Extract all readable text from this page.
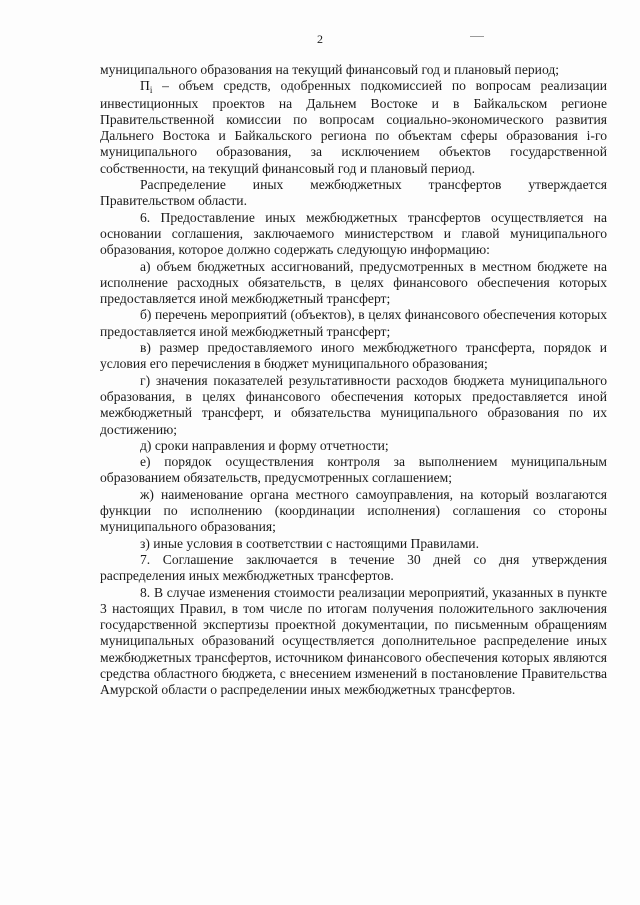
2

муниципального образования на текущий финансовый год и плановый период;

$П_i$ – объем средств, одобренных подкомиссией по вопросам реализации инвестиционных проектов на Дальнем Востоке и в Байкальском регионе Правительственной комиссии по вопросам социально-экономического развития Дальнего Востока и Байкальского региона по объектам сферы образования i-го муниципального образования, за исключением объектов государственной собственности, на текущий финансовый год и плановый период.

Распределение иных межбюджетных трансфертов утверждается Правительством области.

6. Предоставление иных межбюджетных трансфертов осуществляется на основании соглашения, заключаемого министерством и главой муниципального образования, которое должно содержать следующую информацию:

а) объем бюджетных ассигнований, предусмотренных в местном бюджете на исполнение расходных обязательств, в целях финансового обеспечения которых предоставляется иной межбюджетный трансферт;

б) перечень мероприятий (объектов), в целях финансового обеспечения которых предоставляется иной межбюджетный трансферт;

в) размер предоставляемого иного межбюджетного трансферта, порядок и условия его перечисления в бюджет муниципального образования;

г) значения показателей результативности расходов бюджета муниципального образования, в целях финансового обеспечения которых предоставляется иной межбюджетный трансферт, и обязательства муниципального образования по их достижению;

д) сроки направления и форму отчетности;

е) порядок осуществления контроля за выполнением муниципальным образованием обязательств, предусмотренных соглашением;

ж) наименование органа местного самоуправления, на который возлагаются функции по исполнению (координации исполнения) соглашения со стороны муниципального образования;

з) иные условия в соответствии с настоящими Правилами.

7. Соглашение заключается в течение 30 дней со дня утверждения распределения иных межбюджетных трансфертов.

8. В случае изменения стоимости реализации мероприятий, указанных в пункте 3 настоящих Правил, в том числе по итогам получения положительного заключения государственной экспертизы проектной документации, по письменным обращениям муниципальных образований осуществляется дополнительное распределение иных межбюджетных трансфертов, источником финансового обеспечения которых являются средства областного бюджета, с внесением изменений в постановление Правительства Амурской области о распределении иных межбюджетных трансфертов.
